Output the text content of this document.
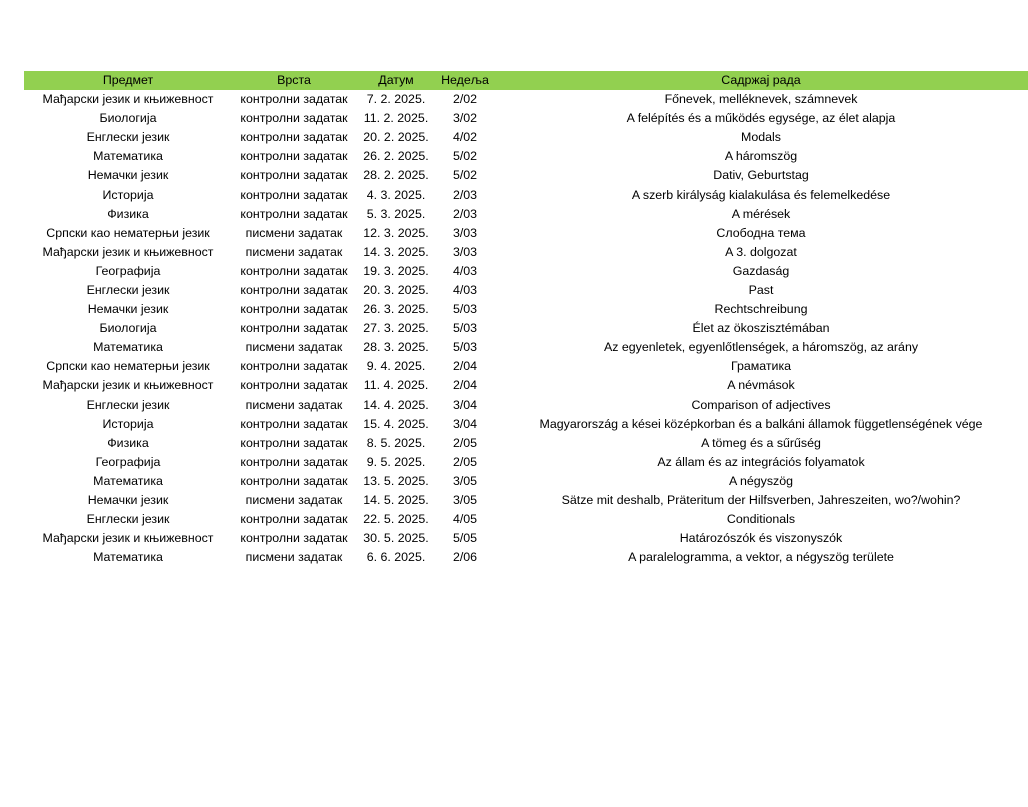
Предмет	Врста	Датум	Недеља	Садржај рада
Мађарски језик и књижевност	контролни задатак	7. 2. 2025.	2/02	Főnevek, melléknevek, számnevek
Биологија	контролни задатак	11. 2. 2025.	3/02	A felépítés és a működés egysége, az élet alapja
Енглески језик	контролни задатак	20. 2. 2025.	4/02	Modals
Математика	контролни задатак	26. 2. 2025.	5/02	A háromszög
Немачки језик	контролни задатак	28. 2. 2025.	5/02	Dativ, Geburtstag
Историја	контролни задатак	4. 3. 2025.	2/03	A szerb királyság kialakulása és felemelkedése
Физика	контролни задатак	5. 3. 2025.	2/03	A mérések
Српски као нематерњи језик	писмени задатак	12. 3. 2025.	3/03	Слободна тема
Мађарски језик и књижевност	писмени задатак	14. 3. 2025.	3/03	A 3. dolgozat
Географија	контролни задатак	19. 3. 2025.	4/03	Gazdaság
Енглески језик	контролни задатак	20. 3. 2025.	4/03	Past
Немачки језик	контролни задатак	26. 3. 2025.	5/03	Rechtschreibung
Биологија	контролни задатак	27. 3. 2025.	5/03	Élet az ökoszisztémában
Математика	писмени задатак	28. 3. 2025.	5/03	Az egyenletek, egyenlőtlenségek, a háromszög, az arány
Српски као нематерњи језик	контролни задатак	9. 4. 2025.	2/04	Граматика
Мађарски језик и књижевност	контролни задатак	11. 4. 2025.	2/04	A névmások
Енглески језик	писмени задатак	14. 4. 2025.	3/04	Comparison of adjectives
Историја	контролни задатак	15. 4. 2025.	3/04	Magyarország a kései középkorban és a balkáni államok függetlenségének vége
Физика	контролни задатак	8. 5. 2025.	2/05	A tömeg és a sűrűség
Географија	контролни задатак	9. 5. 2025.	2/05	Az állam és az integrációs folyamatok
Математика	контролни задатак	13. 5. 2025.	3/05	A négyszög
Немачки језик	писмени задатак	14. 5. 2025.	3/05	Sätze mit deshalb, Präteritum der Hilfsverben, Jahreszeiten, wo?/wohin?
Енглески језик	контролни задатак	22. 5. 2025.	4/05	Conditionals
Мађарски језик и књижевност	контролни задатак	30. 5. 2025.	5/05	Határozószók és viszonyszók
Математика	писмени задатак	6. 6. 2025.	2/06	A paralelogramma, a vektor, a négyszög területe
